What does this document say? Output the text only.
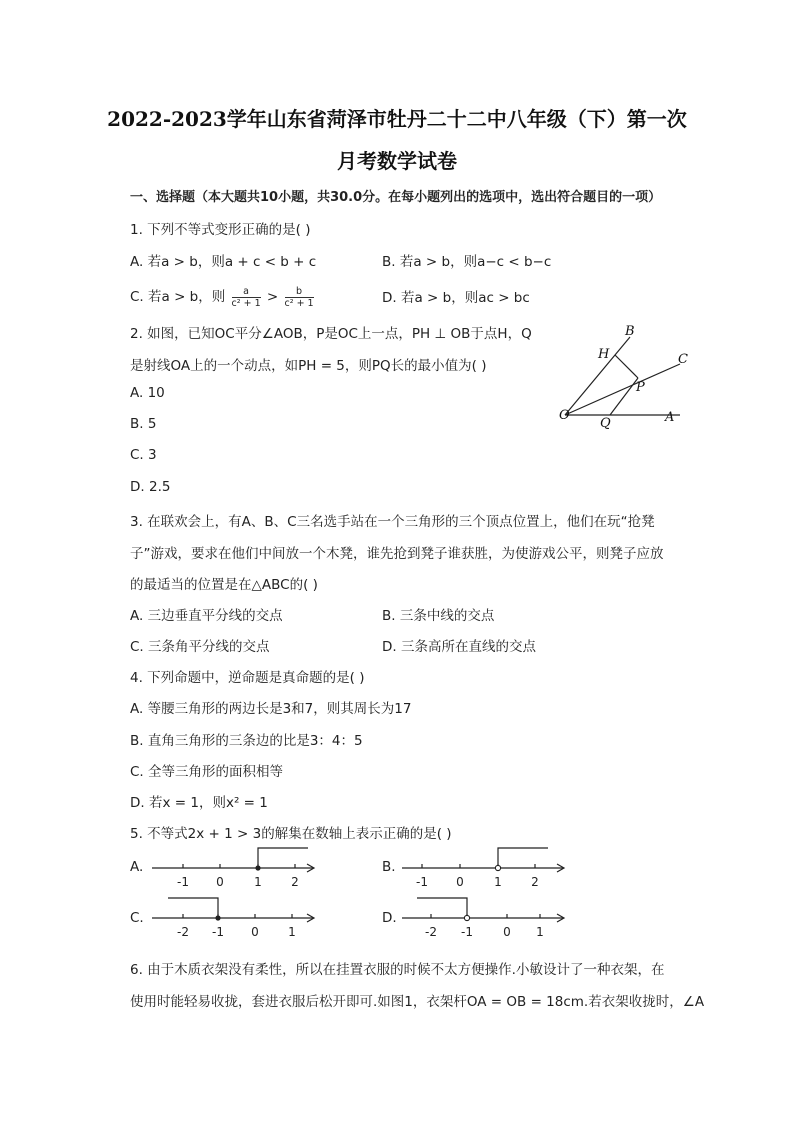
2022-2023学年山东省菏泽市牡丹二十二中八年级（下）第一次
月考数学试卷
一、选择题（本大题共10小题，共30.0分。在每小题列出的选项中，选出符合题目的一项）
1. 下列不等式变形正确的是( )
A. 若a > b，则a + c < b + c	B. 若a > b，则a−c < b−c
C. 若a > b，则 $\frac{a}{\text{c² + 1}} > \frac{b}{\text{c² + 1}}$	D. 若a > b，则ac > bc
2. 如图，已知OC平分∠AOB，P是OC上一点，PH ⊥ OB于点H，Q
是射线OA上的一个动点，如PH = 5，则PQ长的最小值为( )
A. 10
B. 5
C. 3
D. 2.5
B
H	C
P
O
Q	A
3. 在联欢会上，有A、B、C三名选手站在一个三角形的三个顶点位置上，他们在玩“抢凳
子”游戏，要求在他们中间放一个木凳，谁先抢到凳子谁获胜，为使游戏公平，则凳子应放
的最适当的位置是在△ABC的( )
A. 三边垂直平分线的交点	B. 三条中线的交点
C. 三条角平分线的交点	D. 三条高所在直线的交点
4. 下列命题中，逆命题是真命题的是( )
A. 等腰三角形的两边长是3和7，则其周长为17
B. 直角三角形的三条边的比是3：4：5
C. 全等三角形的面积相等
D. 若x = 1，则x² = 1
5. 不等式2x + 1 > 3的解集在数轴上表示正确的是( )
A.
-1 0	1 2
B.
-1 0	1 2
C.
-2 -1 0 1
D.
-2 -1	0 1
6. 由于木质衣架没有柔性，所以在挂置衣服的时候不太方便操作.小敏设计了一种衣架，在
使用时能轻易收拢，套进衣服后松开即可.如图1，衣架杆OA = OB = 18cm.若衣架收拢时，∠A
